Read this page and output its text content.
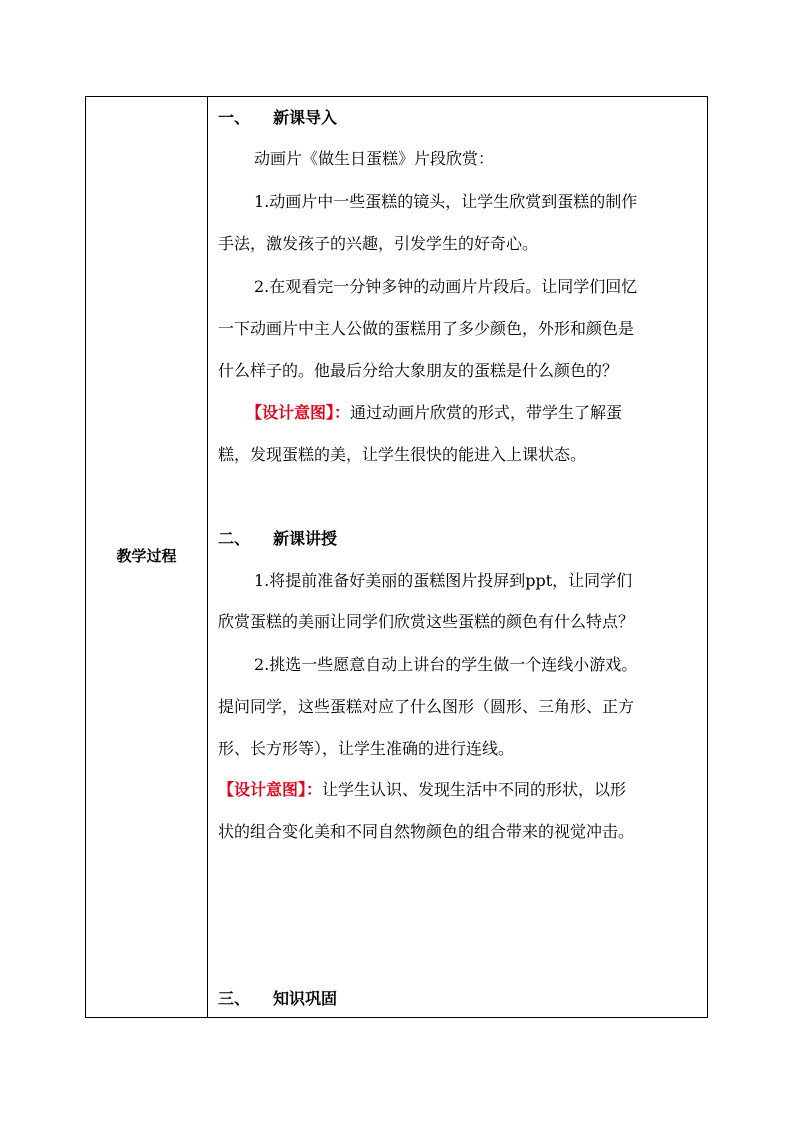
教学过程
一、 新课导入
动画片《做生日蛋糕》片段欣赏：
1.动画片中一些蛋糕的镜头，让学生欣赏到蛋糕的制作
手法，激发孩子的兴趣，引发学生的好奇心。
2.在观看完一分钟多钟的动画片片段后。让同学们回忆
一下动画片中主人公做的蛋糕用了多少颜色，外形和颜色是
什么样子的。他最后分给大象朋友的蛋糕是什么颜色的？
【设计意图】：通过动画片欣赏的形式，带学生了解蛋
糕，发现蛋糕的美，让学生很快的能进入上课状态。
二、 新课讲授
1.将提前准备好美丽的蛋糕图片投屏到ppt，让同学们
欣赏蛋糕的美丽让同学们欣赏这些蛋糕的颜色有什么特点？
2.挑选一些愿意自动上讲台的学生做一个连线小游戏。
提问同学，这些蛋糕对应了什么图形（圆形、三角形、正方
形、长方形等），让学生准确的进行连线。
【设计意图】：让学生认识、发现生活中不同的形状，以形
状的组合变化美和不同自然物颜色的组合带来的视觉冲击。
三、 知识巩固
